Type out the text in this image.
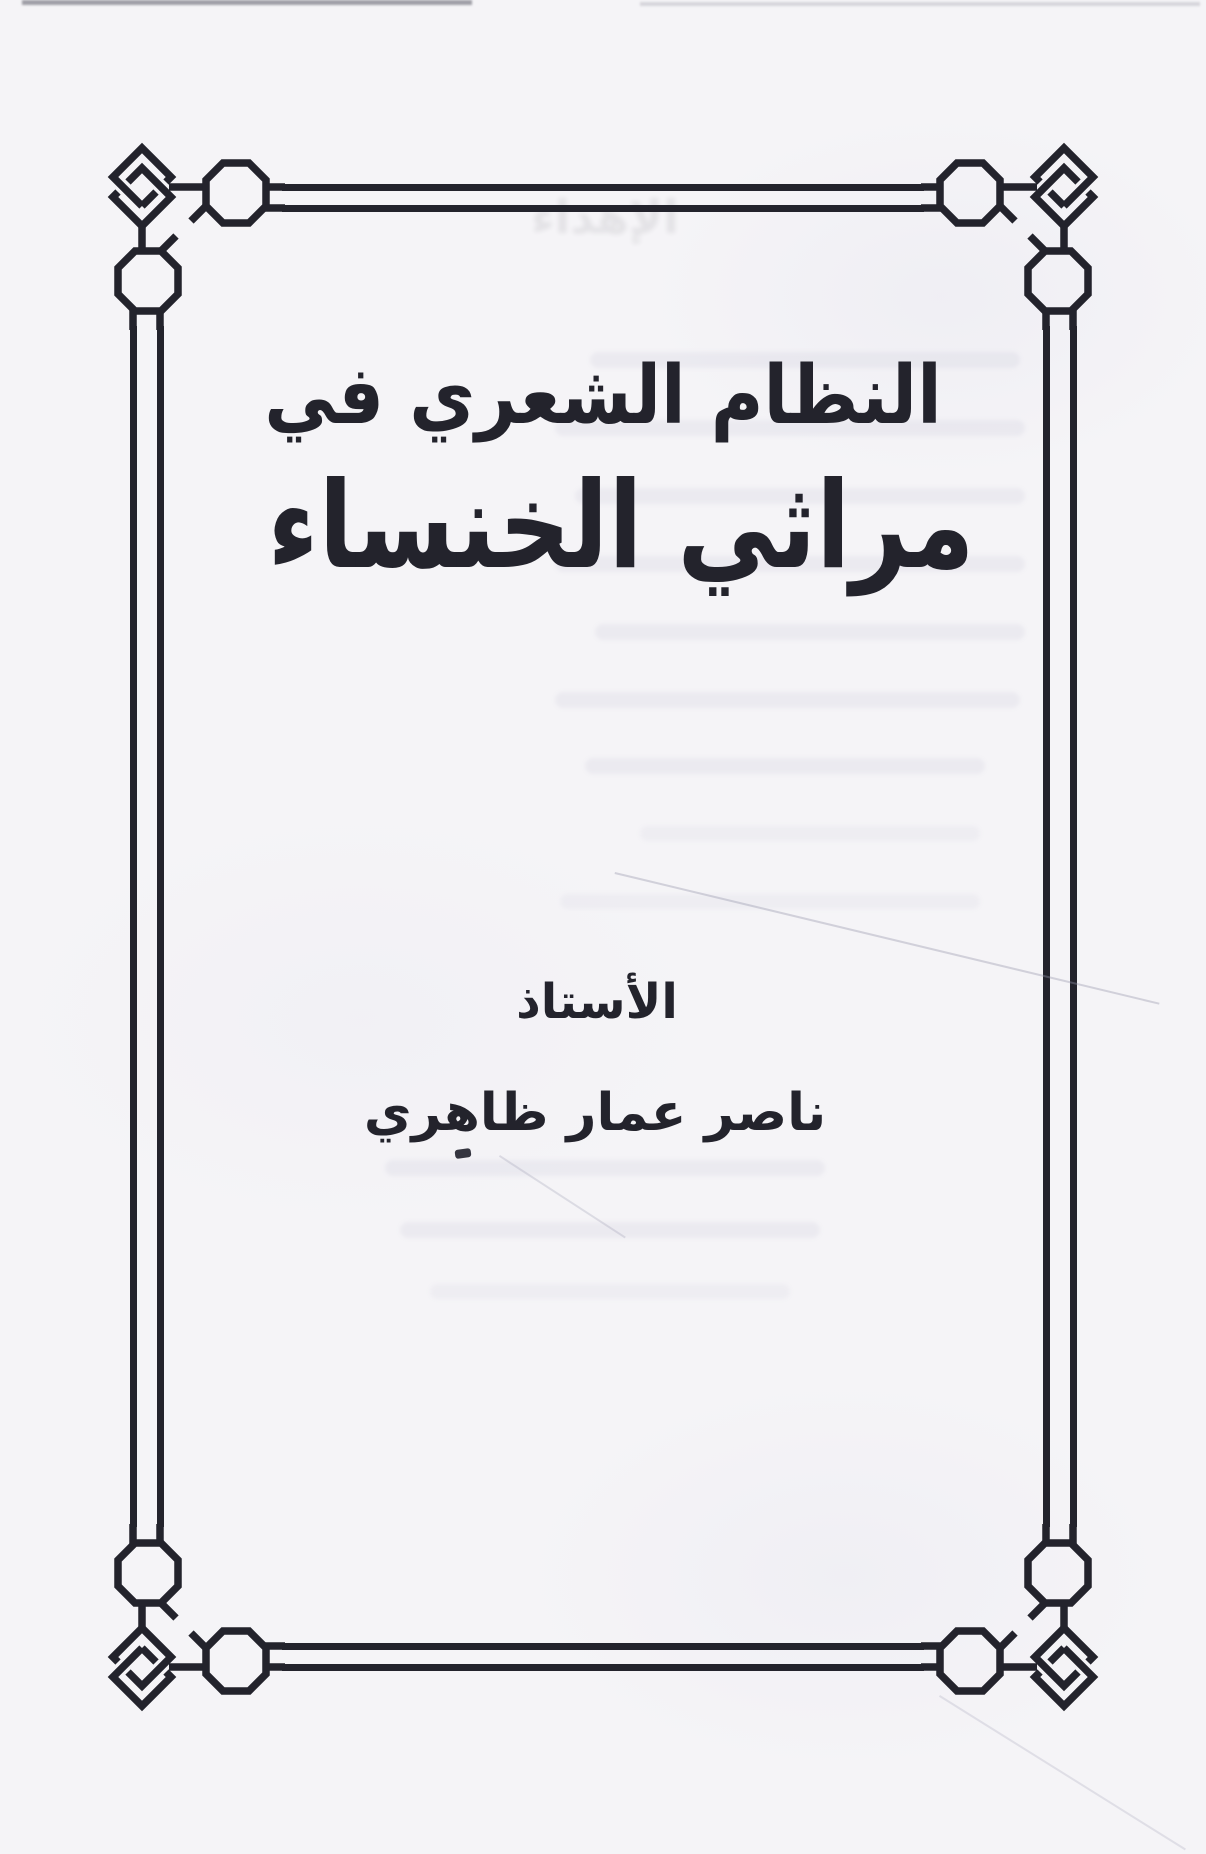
الإهداء
النظام الشعري في
مراثي الخنساء
الأستاذ
ناصر عمار ظاهري
